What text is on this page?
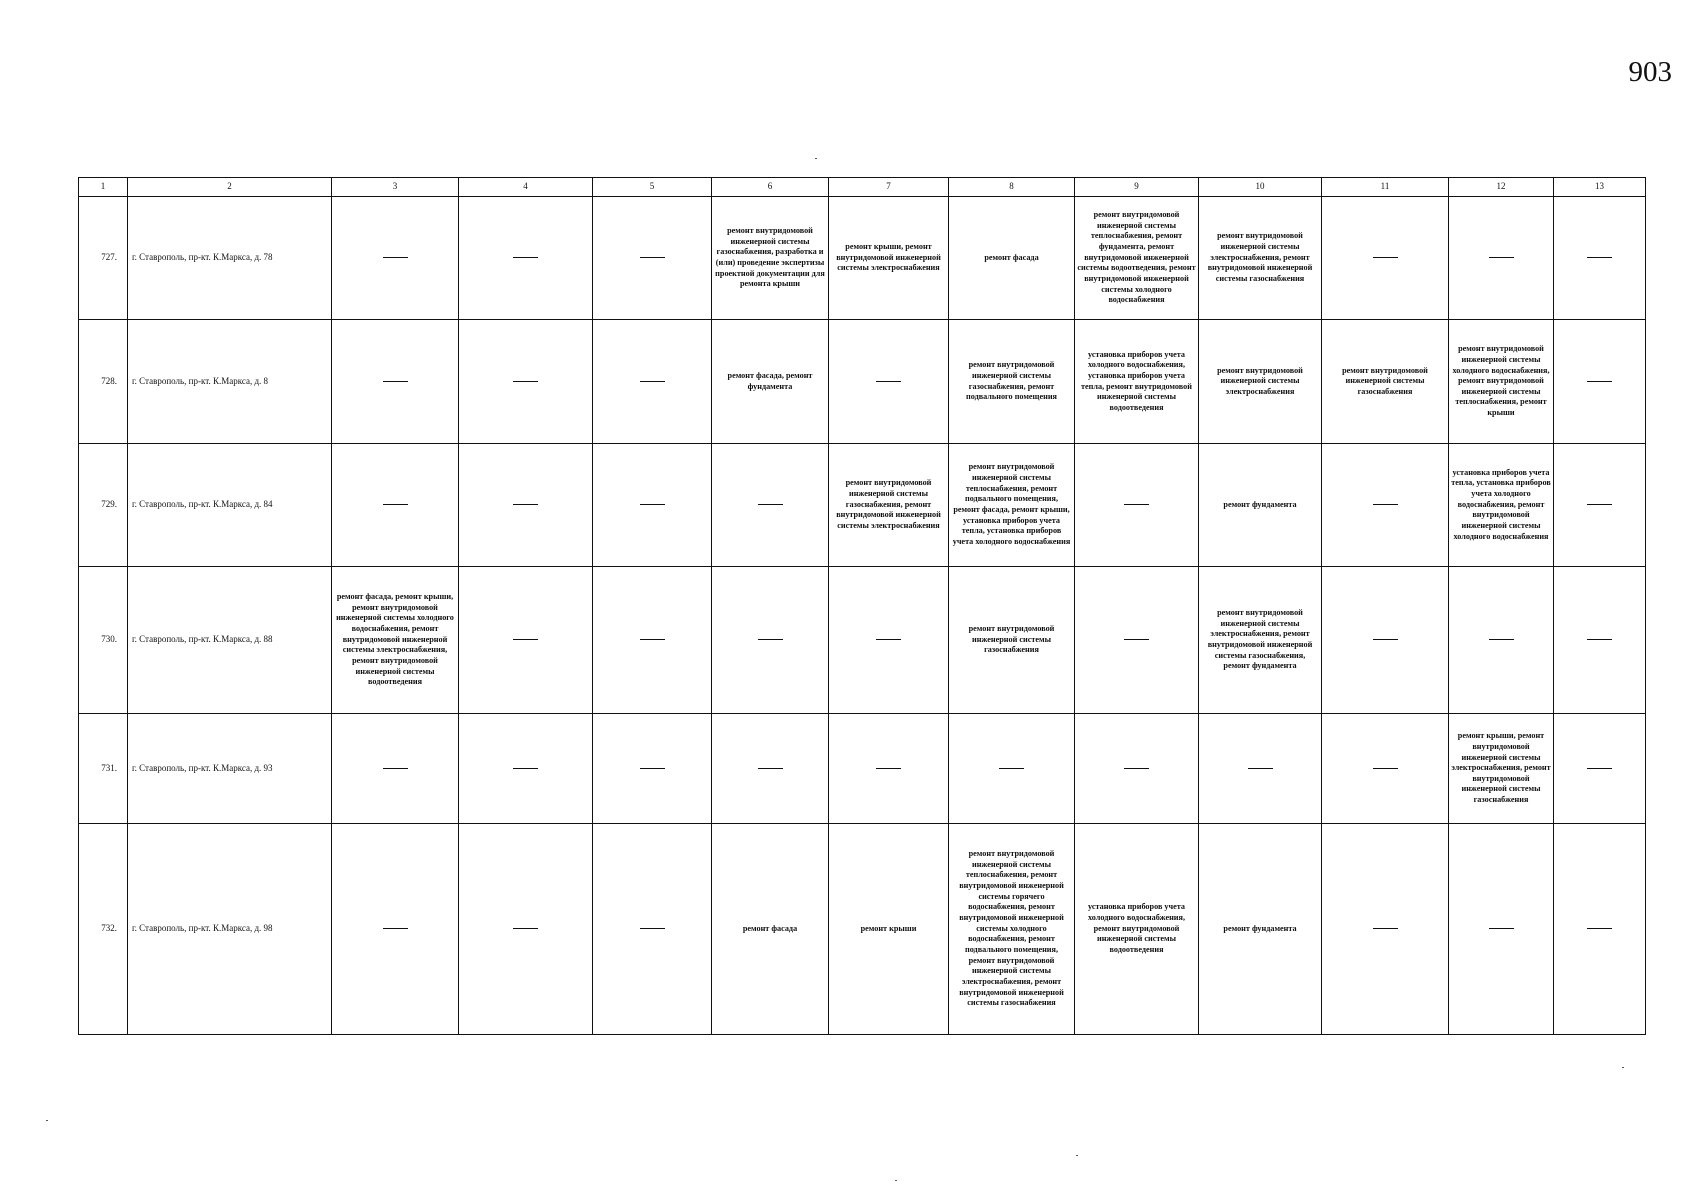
903
1	2	3	4	5	6	7	8	9	10	11	12	13
727.	г. Ставрополь, пр-кт. К.Маркса, д. 78				ремонт внутридомовой инженерной системы газоснабжения, разработка и (или) проведение экспертизы проектной документации для ремонта крыши	ремонт крыши, ремонт внутридомовой инженерной системы электроснабжения	ремонт фасада	ремонт внутридомовой инженерной системы теплоснабжения, ремонт фундамента, ремонт внутридомовой инженерной системы водоотведения, ремонт внутридомовой инженерной системы холодного водоснабжения	ремонт внутридомовой инженерной системы электроснабжения, ремонт внутридомовой инженерной системы газоснабжения			
728.	г. Ставрополь, пр-кт. К.Маркса, д. 8				ремонт фасада, ремонт фундамента		ремонт внутридомовой инженерной системы газоснабжения, ремонт подвального помещения	установка приборов учета холодного водоснабжения, установка приборов учета тепла, ремонт внутридомовой инженерной системы водоотведения	ремонт внутридомовой инженерной системы электроснабжения	ремонт внутридомовой инженерной системы газоснабжения	ремонт внутридомовой инженерной системы холодного водоснабжения, ремонт внутридомовой инженерной системы теплоснабжения, ремонт крыши	
729.	г. Ставрополь, пр-кт. К.Маркса, д. 84					ремонт внутридомовой инженерной системы газоснабжения, ремонт внутридомовой инженерной системы электроснабжения	ремонт внутридомовой инженерной системы теплоснабжения, ремонт подвального помещения, ремонт фасада, ремонт крыши, установка приборов учета тепла, установка приборов учета холодного водоснабжения		ремонт фундамента		установка приборов учета тепла, установка приборов учета холодного водоснабжения, ремонт внутридомовой инженерной системы холодного водоснабжения	
730.	г. Ставрополь, пр-кт. К.Маркса, д. 88	ремонт фасада, ремонт крыши, ремонт внутридомовой инженерной системы холодного водоснабжения, ремонт внутридомовой инженерной системы электроснабжения, ремонт внутридомовой инженерной системы водоотведения					ремонт внутридомовой инженерной системы газоснабжения		ремонт внутридомовой инженерной системы электроснабжения, ремонт внутридомовой инженерной системы газоснабжения, ремонт фундамента			
731.	г. Ставрополь, пр-кт. К.Маркса, д. 93										ремонт крыши, ремонт внутридомовой инженерной системы электроснабжения, ремонт внутридомовой инженерной системы газоснабжения	
732.	г. Ставрополь, пр-кт. К.Маркса, д. 98				ремонт фасада	ремонт крыши	ремонт внутридомовой инженерной системы теплоснабжения, ремонт внутридомовой инженерной системы горячего водоснабжения, ремонт внутридомовой инженерной системы холодного водоснабжения, ремонт подвального помещения, ремонт внутридомовой инженерной системы электроснабжения, ремонт внутридомовой инженерной системы газоснабжения	установка приборов учета холодного водоснабжения, ремонт внутридомовой инженерной системы водоотведения	ремонт фундамента			
